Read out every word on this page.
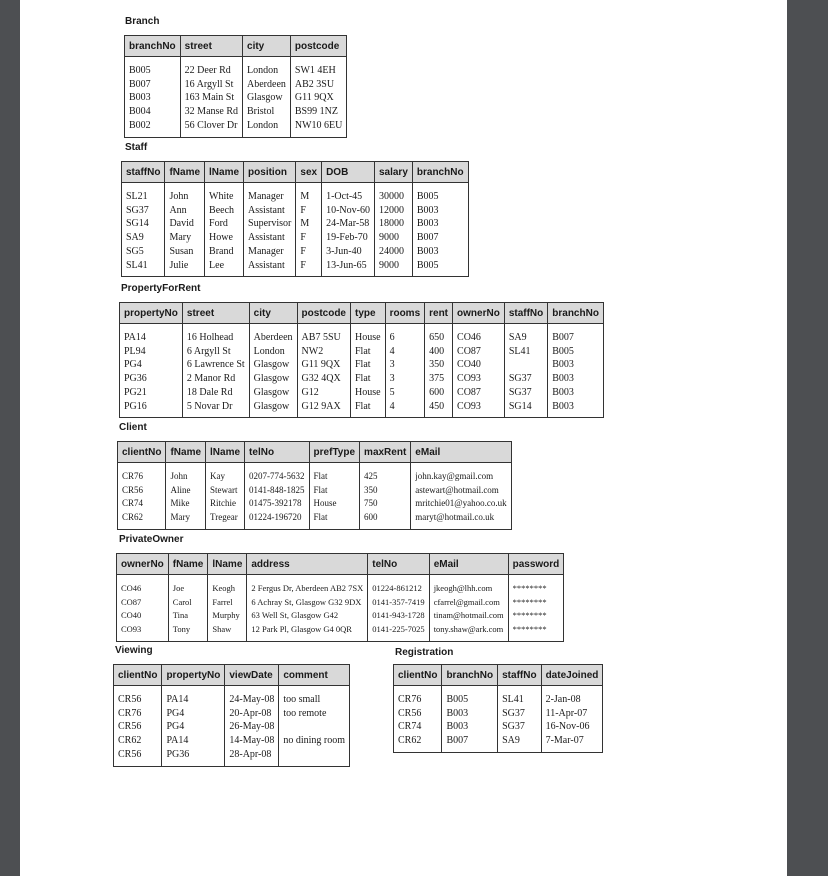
Branch
branchNo	street	city	postcode
B005	22 Deer Rd	London	SW1 4EH
B007	16 Argyll St	Aberdeen	AB2 3SU
B003	163 Main St	Glasgow	G11 9QX
B004	32 Manse Rd	Bristol	BS99 1NZ
B002	56 Clover Dr	London	NW10 6EU
Staff
staffNo	fName	lName	position	sex	DOB	salary	branchNo
SL21	John	White	Manager	M	1-Oct-45	30000	B005
SG37	Ann	Beech	Assistant	F	10-Nov-60	12000	B003
SG14	David	Ford	Supervisor	M	24-Mar-58	18000	B003
SA9	Mary	Howe	Assistant	F	19-Feb-70	9000	B007
SG5	Susan	Brand	Manager	F	3-Jun-40	24000	B003
SL41	Julie	Lee	Assistant	F	13-Jun-65	9000	B005
PropertyForRent
propertyNo	street	city	postcode	type	rooms	rent	ownerNo	staffNo	branchNo
PA14	16 Holhead	Aberdeen	AB7 5SU	House	6	650	CO46	SA9	B007
PL94	6 Argyll St	London	NW2	Flat	4	400	CO87	SL41	B005
PG4	6 Lawrence St	Glasgow	G11 9QX	Flat	3	350	CO40		B003
PG36	2 Manor Rd	Glasgow	G32 4QX	Flat	3	375	CO93	SG37	B003
PG21	18 Dale Rd	Glasgow	G12	House	5	600	CO87	SG37	B003
PG16	5 Novar Dr	Glasgow	G12 9AX	Flat	4	450	CO93	SG14	B003
Client
clientNo	fName	lName	telNo	prefType	maxRent	eMail
CR76	John	Kay	0207-774-5632	Flat	425	john.kay@gmail.com
CR56	Aline	Stewart	0141-848-1825	Flat	350	astewart@hotmail.com
CR74	Mike	Ritchie	01475-392178	House	750	mritchie01@yahoo.co.uk
CR62	Mary	Tregear	01224-196720	Flat	600	maryt@hotmail.co.uk
PrivateOwner
ownerNo	fName	lName	address	telNo	eMail	password
CO46	Joe	Keogh	2 Fergus Dr, Aberdeen AB2 7SX	01224-861212	jkeogh@lhh.com	********
CO87	Carol	Farrel	6 Achray St, Glasgow G32 9DX	0141-357-7419	cfarrel@gmail.com	********
CO40	Tina	Murphy	63 Well St, Glasgow G42	0141-943-1728	tinam@hotmail.com	********
CO93	Tony	Shaw	12 Park Pl, Glasgow G4 0QR	0141-225-7025	tony.shaw@ark.com	********
Viewing
clientNo	propertyNo	viewDate	comment
CR56	PA14	24-May-08	too small
CR76	PG4	20-Apr-08	too remote
CR56	PG4	26-May-08	
CR62	PA14	14-May-08	no dining room
CR56	PG36	28-Apr-08	
Registration
clientNo	branchNo	staffNo	dateJoined
CR76	B005	SL41	2-Jan-08
CR56	B003	SG37	11-Apr-07
CR74	B003	SG37	16-Nov-06
CR62	B007	SA9	7-Mar-07
